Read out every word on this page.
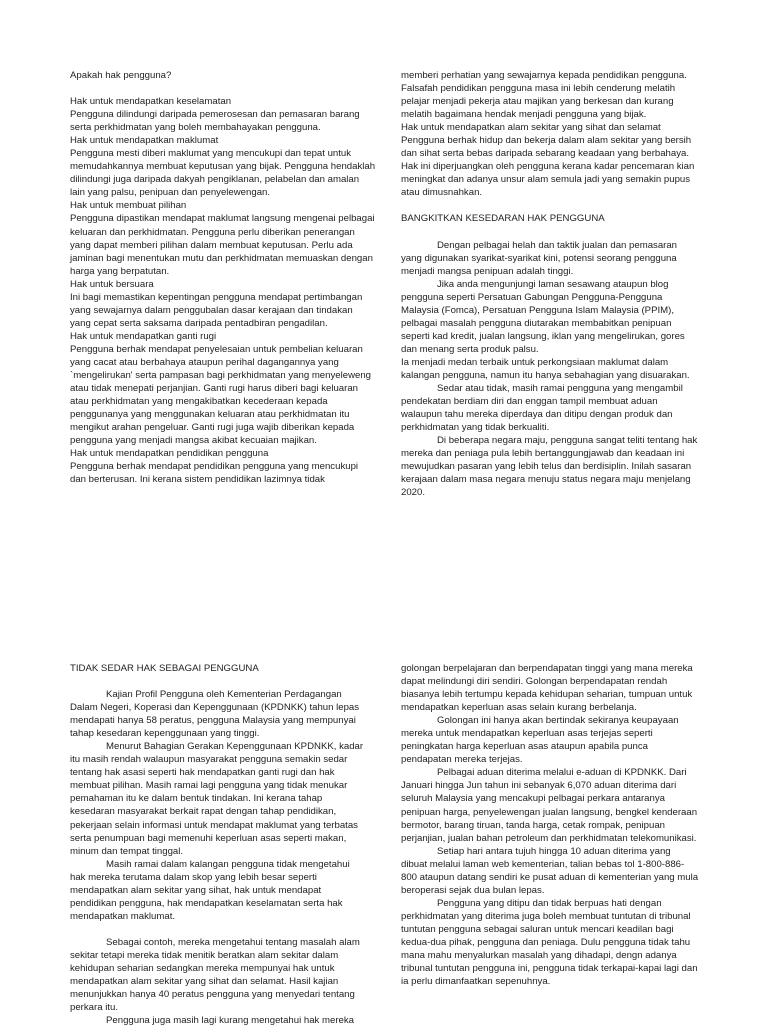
Apakah hak pengguna?

Hak untuk mendapatkan keselamatan

Pengguna dilindungi daripada pemerosesan dan pemasaran barang serta perkhidmatan yang boleh membahayakan pengguna.

Hak untuk mendapatkan maklumat

Pengguna mesti diberi maklumat yang mencukupi dan tepat untuk memudahkannya membuat keputusan yang bijak. Pengguna hendaklah dilindungi juga daripada dakyah pengiklanan, pelabelan dan amalan lain yang palsu, penipuan dan penyelewengan.

Hak untuk membuat pilihan

Pengguna dipastikan mendapat maklumat langsung mengenai pelbagai keluaran dan perkhidmatan. Pengguna perlu diberikan penerangan yang dapat memberi pilihan dalam membuat keputusan. Perlu ada jaminan bagi menentukan mutu dan perkhidmatan memuaskan dengan harga yang berpatutan.

Hak untuk bersuara

Ini bagi memastikan kepentingan pengguna mendapat pertimbangan yang sewajarnya dalam penggubalan dasar kerajaan dan tindakan yang cepat serta saksama daripada pentadbiran pengadilan.

Hak untuk mendapatkan ganti rugi

Pengguna berhak mendapat penyelesaian untuk pembelian keluaran yang cacat atau berbahaya ataupun perihal dagangannya yang `mengelirukan' serta pampasan bagi perkhidmatan yang menyeleweng atau tidak menepati perjanjian. Ganti rugi harus diberi bagi keluaran atau perkhidmatan yang mengakibatkan kecederaan kepada penggunanya yang menggunakan keluaran atau perkhidmatan itu mengikut arahan pengeluar. Ganti rugi juga wajib diberikan kepada pengguna yang menjadi mangsa akibat kecuaian majikan.

Hak untuk mendapatkan pendidikan pengguna

Pengguna berhak mendapat pendidikan pengguna yang mencukupi dan berterusan. Ini kerana sistem pendidikan lazimnya tidak

memberi perhatian yang sewajarnya kepada pendidikan pengguna. Falsafah pendidikan pengguna masa ini lebih cenderung melatih pelajar menjadi pekerja atau majikan yang berkesan dan kurang melatih bagaimana hendak menjadi pengguna yang bijak.

Hak untuk mendapatkan alam sekitar yang sihat dan selamat

Pengguna berhak hidup dan bekerja dalam alam sekitar yang bersih dan sihat serta bebas daripada sebarang keadaan yang berbahaya. Hak ini diperjuangkan oleh pengguna kerana kadar pencemaran kian meningkat dan adanya unsur alam semula jadi yang semakin pupus atau dimusnahkan.

BANGKITKAN KESEDARAN HAK PENGGUNA

Dengan pelbagai helah dan taktik jualan dan pemasaran yang digunakan syarikat-syarikat kini, potensi seorang pengguna menjadi mangsa penipuan adalah tinggi.

Jika anda mengunjungi laman sesawang ataupun blog pengguna seperti Persatuan Gabungan Pengguna-Pengguna Malaysia (Fomca), Persatuan Pengguna Islam Malaysia (PPIM), pelbagai masalah pengguna diutarakan membabitkan penipuan seperti kad kredit, jualan langsung, iklan yang mengelirukan, gores dan menang serta produk palsu.

Ia menjadi medan terbaik untuk perkongsiaan maklumat dalam kalangan pengguna, namun itu hanya sebahagian yang disuarakan.

Sedar atau tidak, masih ramai pengguna yang mengambil pendekatan berdiam diri dan enggan tampil membuat aduan walaupun tahu mereka diperdaya dan ditipu dengan produk dan perkhidmatan yang tidak berkualiti.

Di beberapa negara maju, pengguna sangat teliti tentang hak mereka dan peniaga pula lebih bertanggungjawab dan keadaan ini mewujudkan pasaran yang lebih telus dan berdisiplin. Inilah sasaran kerajaan dalam masa negara menuju status negara maju menjelang 2020.

TIDAK SEDAR HAK SEBAGAI PENGGUNA

Kajian Profil Pengguna oleh Kementerian Perdagangan Dalam Negeri, Koperasi dan Kepenggunaan (KPDNKK) tahun lepas mendapati hanya 58 peratus, pengguna Malaysia yang mempunyai tahap kesedaran kepenggunaan yang tinggi.

Menurut Bahagian Gerakan Kepenggunaan KPDNKK, kadar itu masih rendah walaupun masyarakat pengguna semakin sedar tentang hak asasi seperti hak mendapatkan ganti rugi dan hak membuat pilihan. Masih ramai lagi pengguna yang tidak menukar pemahaman itu ke dalam bentuk tindakan. Ini kerana tahap kesedaran masyarakat berkait rapat dengan tahap pendidikan, pekerjaan selain informasi untuk mendapat maklumat yang terbatas serta penumpuan bagi memenuhi keperluan asas seperti makan, minum dan tempat tinggal.

Masih ramai dalam kalangan pengguna tidak mengetahui hak mereka terutama dalam skop yang lebih besar seperti mendapatkan alam sekitar yang sihat, hak untuk mendapat pendidikan pengguna, hak mendapatkan keselamatan serta hak mendapatkan maklumat.

Sebagai contoh, mereka mengetahui tentang masalah alam sekitar tetapi mereka tidak menitik beratkan alam sekitar dalam kehidupan seharian sedangkan mereka mempunyai hak untuk mendapatkan alam sekitar yang sihat dan selamat. Hasil kajian menunjukkan hanya 40 peratus pengguna yang menyedari tentang perkara itu.

Pengguna juga masih lagi kurang mengetahui hak mereka

golongan berpelajaran dan berpendapatan tinggi yang mana mereka dapat melindungi diri sendiri. Golongan berpendapatan rendah biasanya lebih tertumpu kepada kehidupan seharian, tumpuan untuk mendapatkan keperluan asas selain kurang berbelanja.

Golongan ini hanya akan bertindak sekiranya keupayaan mereka untuk mendapatkan keperluan asas terjejas seperti peningkatan harga keperluan asas ataupun apabila punca pendapatan mereka terjejas.

Pelbagai aduan diterima melalui e-aduan di KPDNKK. Dari Januari hingga Jun tahun ini sebanyak 6,070 aduan diterima dari seluruh Malaysia yang mencakupi pelbagai perkara antaranya penipuan harga, penyelewengan jualan langsung, bengkel kenderaan bermotor, barang tiruan, tanda harga, cetak rompak, penipuan perjanjian, jualan bahan petroleum dan perkhidmatan telekomunikasi.

Setiap hari antara tujuh hingga 10 aduan diterima yang dibuat melalui laman web kementerian, talian bebas tol 1-800-886-800 ataupun datang sendiri ke pusat aduan di kementerian yang mula beroperasi sejak dua bulan lepas.

Pengguna yang ditipu dan tidak berpuas hati dengan perkhidmatan yang diterima juga boleh membuat tuntutan di tribunal tuntutan pengguna sebagai saluran untuk mencari keadilan bagi kedua-dua pihak, pengguna dan peniaga. Dulu pengguna tidak tahu mana mahu menyalurkan masalah yang dihadapi, dengn adanya tribunal tuntutan pengguna ini, pengguna tidak terkapai-kapai lagi dan ia perlu dimanfaatkan sepenuhnya.
